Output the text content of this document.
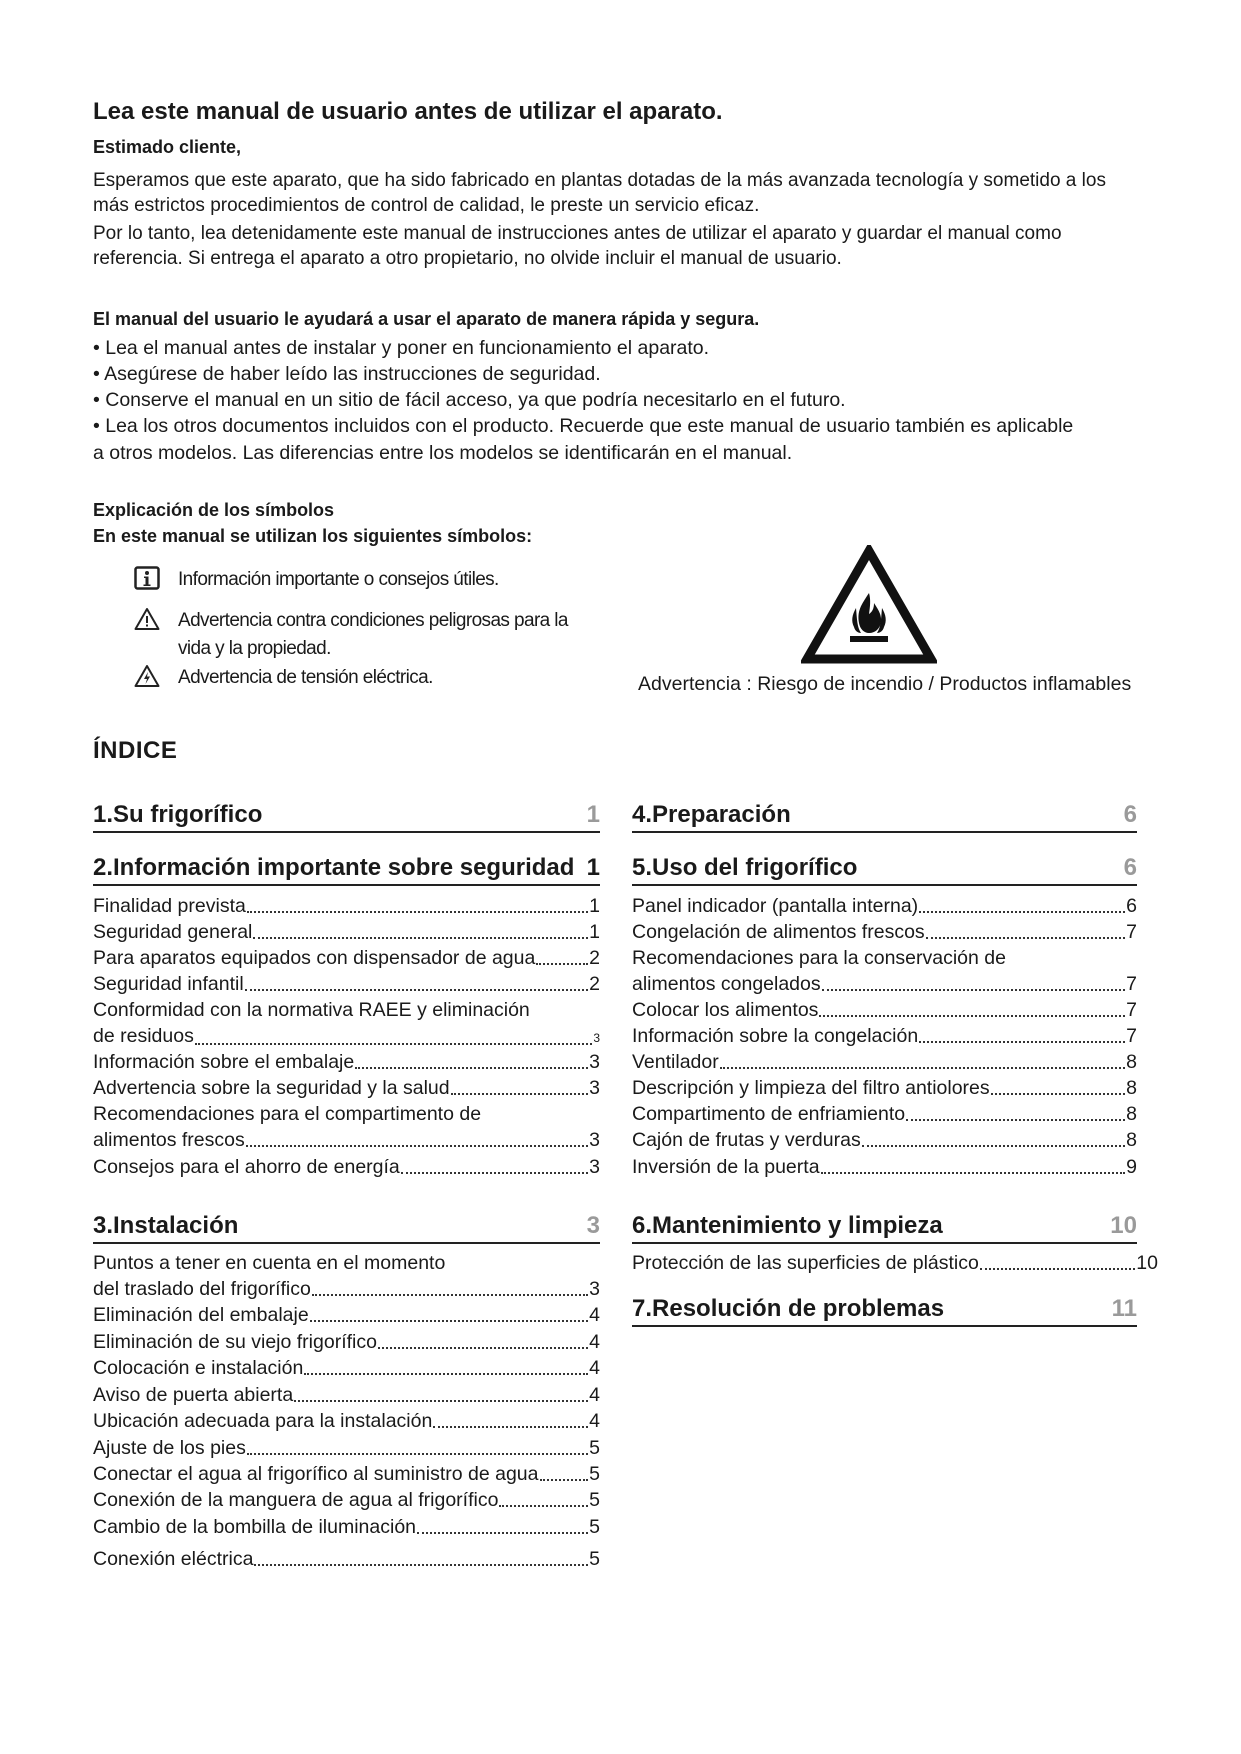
Lea este manual de usuario antes de utilizar el aparato.
Estimado cliente,
Esperamos que este aparato, que ha sido fabricado en plantas dotadas de la más avanzada tecnología y sometido a los
más estrictos procedimientos de control de calidad, le preste un servicio eficaz.
Por lo tanto, lea detenidamente este manual de instrucciones antes de utilizar el aparato y guardar el manual como
referencia. Si entrega el aparato a otro propietario, no olvide incluir el manual de usuario.
El manual del usuario le ayudará a usar el aparato de manera rápida y segura.
• Lea el manual antes de instalar y poner en funcionamiento el aparato.
• Asegúrese de haber leído las instrucciones de seguridad.
• Conserve el manual en un sitio de fácil acceso, ya que podría necesitarlo en el futuro.
• Lea los otros documentos incluidos con el producto. Recuerde que este manual de usuario también es aplicable
a otros modelos. Las diferencias entre los modelos se identificarán en el manual.
Explicación de los símbolos
En este manual se utilizan los siguientes símbolos:
Información importante o consejos útiles.
Advertencia contra condiciones peligrosas para la
vida y la propiedad.
Advertencia de tensión eléctrica.	Advertencia : Riesgo de incendio / Productos inflamables
ÍNDICE
1.Su frigorífico	1
2.Información importante sobre seguridad 1
Finalidad prevista	1
Seguridad general	1
Para aparatos equipados con dispensador de agua	2
Seguridad infantil	2
Conformidad con la normativa RAEE y eliminación
de residuos	3
Información sobre el embalaje	3
Advertencia sobre la seguridad y la salud	3
Recomendaciones para el compartimento de
alimentos frescos	3
Consejos para el ahorro de energía	3
3.Instalación	3
Puntos a tener en cuenta en el momento
del traslado del frigorífico	3
Eliminación del embalaje	4
Eliminación de su viejo frigorífico	4
Colocación e instalación	4
Aviso de puerta abierta	4
Ubicación adecuada para la instalación	4
Ajuste de los pies	5
Conectar el agua al frigorífico al suministro de agua	5
Conexión de la manguera de agua al frigorífico	5
Cambio de la bombilla de iluminación	5
Conexión eléctrica	5
4.Preparación	6
5.Uso del frigorífico	6
Panel indicador (pantalla interna)	6
Congelación de alimentos frescos	7
Recomendaciones para la conservación de
alimentos congelados	7
Colocar los alimentos	7
Información sobre la congelación	7
Ventilador	8
Descripción y limpieza del filtro antiolores	8
Compartimento de enfriamiento	8
Cajón de frutas y verduras	8
Inversión de la puerta	9
6.Mantenimiento y limpieza	10
Protección de las superficies de plástico	10
7.Resolución de problemas	11
